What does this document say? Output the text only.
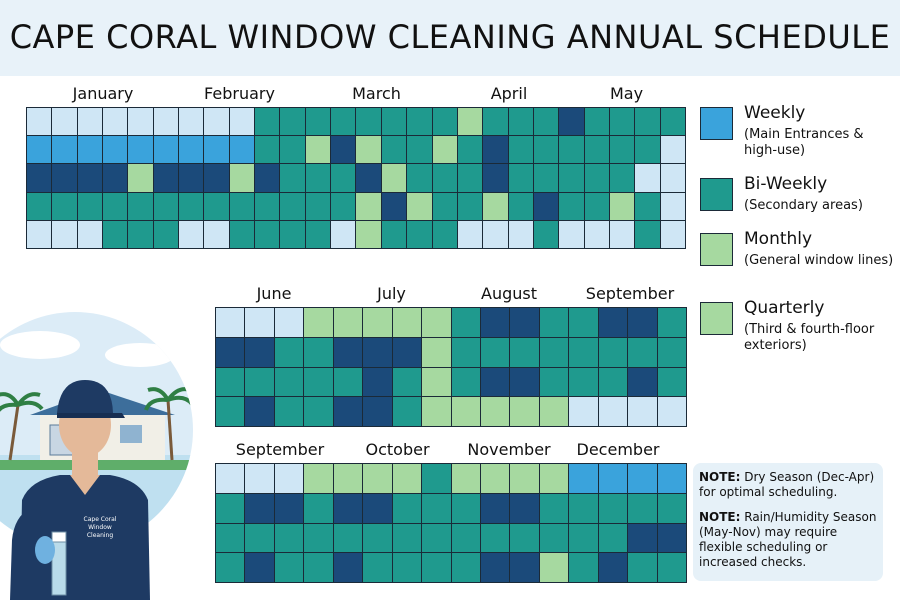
CAPE CORAL WINDOW CLEANING ANNUAL SCHEDULE
January	February	March	April	May
June	July	August	September
September	October	November	December
Weekly
(Main Entrances & high-use)
Bi-Weekly
(Secondary areas)
Monthly
(General window lines)
Quarterly
(Third & fourth-floor exteriors)

NOTE: Dry Season (Dec-Apr) for optimal scheduling.

NOTE: Rain/Humidity Season (May-Nov) may require flexible scheduling or increased checks.

Cape Coral Window Cleaning
